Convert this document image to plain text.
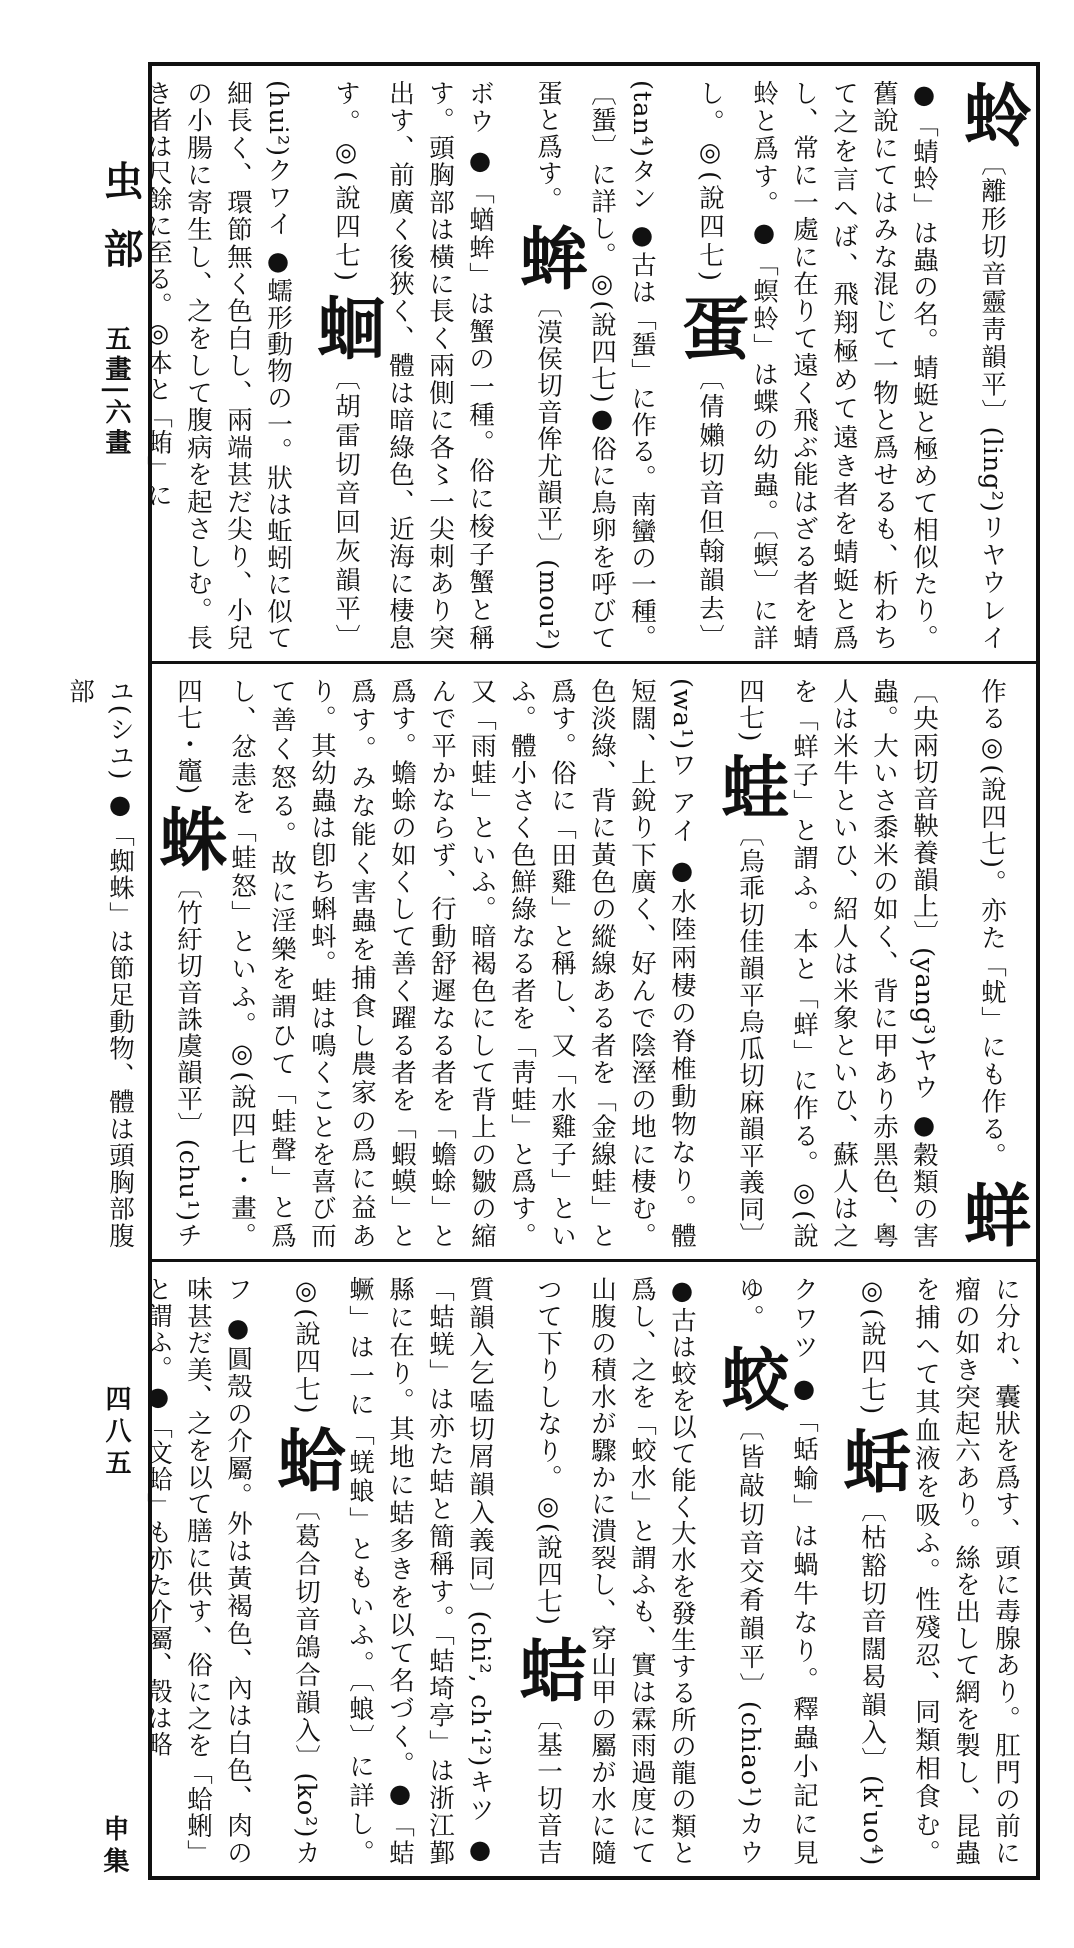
虫部
五畫|六畫
四八五
申集
蛉〔離形切音靈靑韻平〕(ling²)リヤウレイ ●「蜻蛉」は蟲の名。蜻蜓と極めて相似たり。舊說にてはみな混じて一物と爲せるも、析わちて之を言へば、飛翔極めて遠き者を蜻蜓と爲し、常に一處に在りて遠く飛ぶ能はざる者を蜻蛉と爲す。●「螟蛉」は蝶の幼蟲。〔螟〕に詳し。◎(說四七) 蛋〔倩嬾切音但翰韻去〕(tan⁴)タン ●古は「蜑」に作る。南蠻の一種。〔蜑〕に詳し。◎(說四七)●俗に鳥卵を呼びて蛋と爲す。 蛑〔漠侯切音侔尤韻平〕(mou²)ボウ ●「蝤蛑」は蟹の一種。俗に梭子蟹と稱す。頭胸部は橫に長く兩側に各〻一尖刺あり突出す、前廣く後狹く、體は暗綠色、近海に棲息す。◎(說四七) 蛔〔胡雷切音回灰韻平〕(hui²)クワイ ●蠕形動物の一。狀は蚯蚓に似て細長く、環節無く色白し、兩端甚だ尖り、小兒の小腸に寄生し、之をして腹病を起さしむ。長き者は尺餘に至る。◎本と「蛕」に
作る◎(說四七)。亦た「蚘」にも作る。 蛘〔央兩切音鞅養韻上〕(yang³)ヤウ ●穀類の害蟲。大いさ黍米の如く、背に甲あり赤黑色、粵人は米牛といひ、紹人は米象といひ、蘇人は之を「蛘子」と謂ふ。本と「蛘」に作る。◎(說四七) 蛙〔烏乖切佳韻平烏瓜切麻韻平義同〕(wa¹)ワ アイ ●水陸兩棲の脊椎動物なり。體短闊、上銳り下廣く、好んで陰溼の地に棲む。色淡綠、背に黃色の縱線ある者を「金線蛙」と爲す。俗に「田雞」と稱し、又「水雞子」といふ。體小さく色鮮綠なる者を「靑蛙」と爲す。又「雨蛙」といふ。暗褐色にして背上の皺の縮んで平かならず、行動舒遲なる者を「蟾蜍」と爲す。蟾蜍の如くして善く躍る者を「蝦蟆」と爲す。みな能く害蟲を捕食し農家の爲に益あり。其幼蟲は卽ち蝌蚪。蛙は鳴くことを喜び而て善く怒る。故に淫樂を謂ひて「蛙聲」と爲し、忿恚を「蛙怒」といふ。◎(說四七・畫。四七・竈) 蛛〔竹紆切音誅虞韻平〕(chu¹)チユ(シユ) ●「蜘蛛」は節足動物、體は頭胸部腹部
に分れ、囊狀を爲す、頭に毒腺あり。肛門の前に瘤の如き突起六あり。絲を出して網を製し、昆蟲を捕へて其血液を吸ふ。性殘忍、同類相食む。◎(說四七) 蛞〔枯豁切音闊曷韻入〕(k'uo⁴)クワツ ●「蛞蝓」は蝸牛なり。釋蟲小記に見ゆ。 蛟〔皆敲切音交肴韻平〕(chiao¹)カウ ●古は蛟を以て能く大水を發生する所の龍の類と爲し、之を「蛟水」と謂ふも、實は霖雨過度にて山腹の積水が驟かに潰裂し、穿山甲の屬が水に隨つて下りしなり。◎(說四七) 蛣〔基一切音吉質韻入乞嗑切屑韻入義同〕(chi², chʻi²)キツ ●「蛣蜣」は亦た蛣と簡稱す。「蛣埼亭」は浙江鄞縣に在り。其地に蛣多きを以て名づく。●「蛣蟩」は一に「蜣蜋」ともいふ。〔蜋〕に詳し。◎(說四七) 蛤〔葛合切音鴿合韻入〕(ko²)カフ ●圓殼の介屬。外は黃褐色、內は白色、肉の味甚だ美、之を以て膳に供す、俗に之を「蛤蜊」と謂ふ。●「文蛤」も亦た介屬、殼は略
